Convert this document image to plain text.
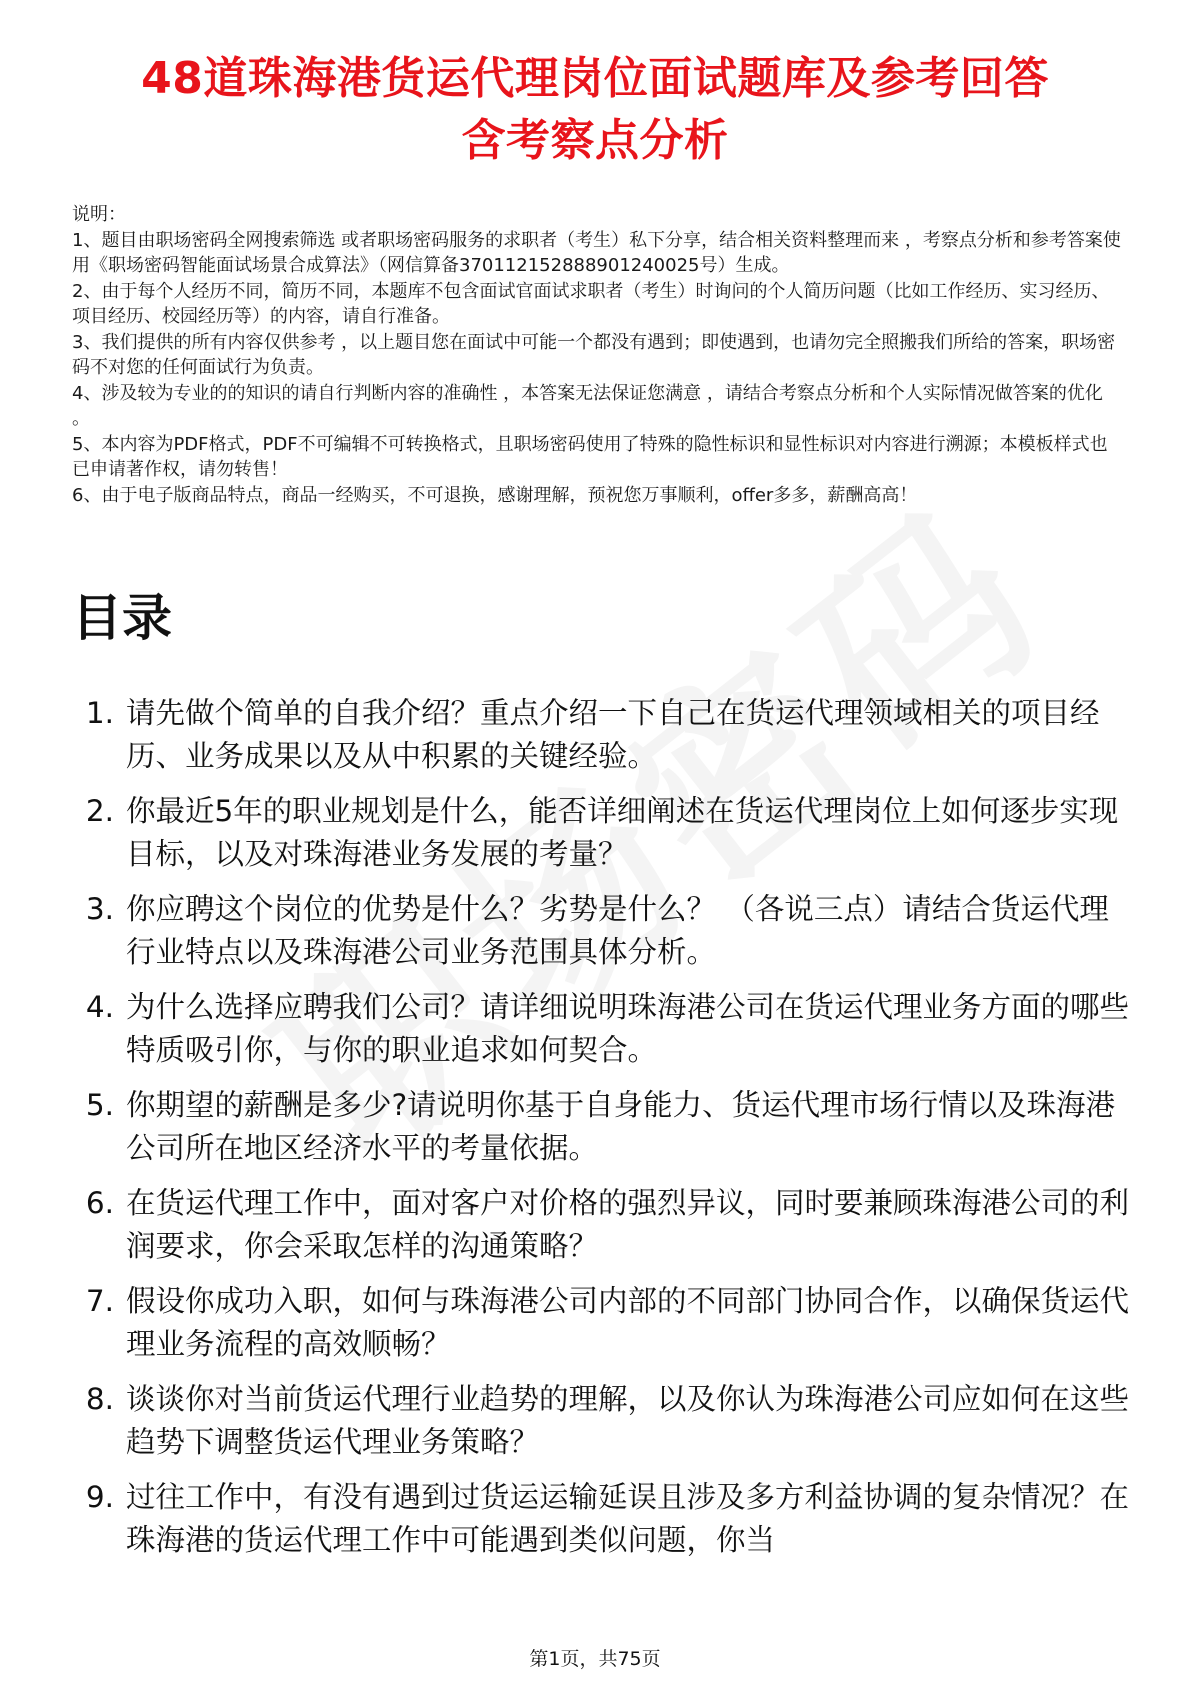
48道珠海港货运代理岗位面试题库及参考回答
含考察点分析

说明：

1、题目由职场密码全网搜索筛选 或者职场密码服务的求职者（考生）私下分享，结合相关资料整理而来 ，考察点分析和参考答案使用《职场密码智能面试场景合成算法》（网信算备370112152888901240025号）生成。

2、由于每个人经历不同，简历不同，本题库不包含面试官面试求职者（考生）时询问的个人简历问题（比如工作经历、实习经历、项目经历、校园经历等）的内容，请自行准备。

3、我们提供的所有内容仅供参考 ，以上题目您在面试中可能一个都没有遇到；即使遇到，也请勿完全照搬我们所给的答案，职场密码不对您的任何面试行为负责。

4、涉及较为专业的的知识的请自行判断内容的准确性 ，本答案无法保证您满意 ，请结合考察点分析和个人实际情况做答案的优化 。

5、本内容为PDF格式，PDF不可编辑不可转换格式，且职场密码使用了特殊的隐性标识和显性标识对内容进行溯源；本模板样式也已申请著作权，请勿转售！

6、由于电子版商品特点，商品一经购买，不可退换，感谢理解，预祝您万事顺利，offer多多，薪酬高高！

目录
1. 请先做个简单的自我介绍？重点介绍一下自己在货运代理领域相关的项目经历、业务成果以及从中积累的关键经验。
2. 你最近5年的职业规划是什么，能否详细阐述在货运代理岗位上如何逐步实现目标，以及对珠海港业务发展的考量？
3. 你应聘这个岗位的优势是什么？劣势是什么？ （各说三点）请结合货运代理行业特点以及珠海港公司业务范围具体分析。
4. 为什么选择应聘我们公司？请详细说明珠海港公司在货运代理业务方面的哪些特质吸引你，与你的职业追求如何契合。
5. 你期望的薪酬是多少?请说明你基于自身能力、货运代理市场行情以及珠海港公司所在地区经济水平的考量依据。
6. 在货运代理工作中，面对客户对价格的强烈异议，同时要兼顾珠海港公司的利润要求，你会采取怎样的沟通策略？
7. 假设你成功入职，如何与珠海港公司内部的不同部门协同合作，以确保货运代理业务流程的高效顺畅？
8. 谈谈你对当前货运代理行业趋势的理解，以及你认为珠海港公司应如何在这些趋势下调整货运代理业务策略？
9. 过往工作中，有没有遇到过货运运输延误且涉及多方利益协调的复杂情况？在珠海港的货运代理工作中可能遇到类似问题，你当
第1页，共75页
